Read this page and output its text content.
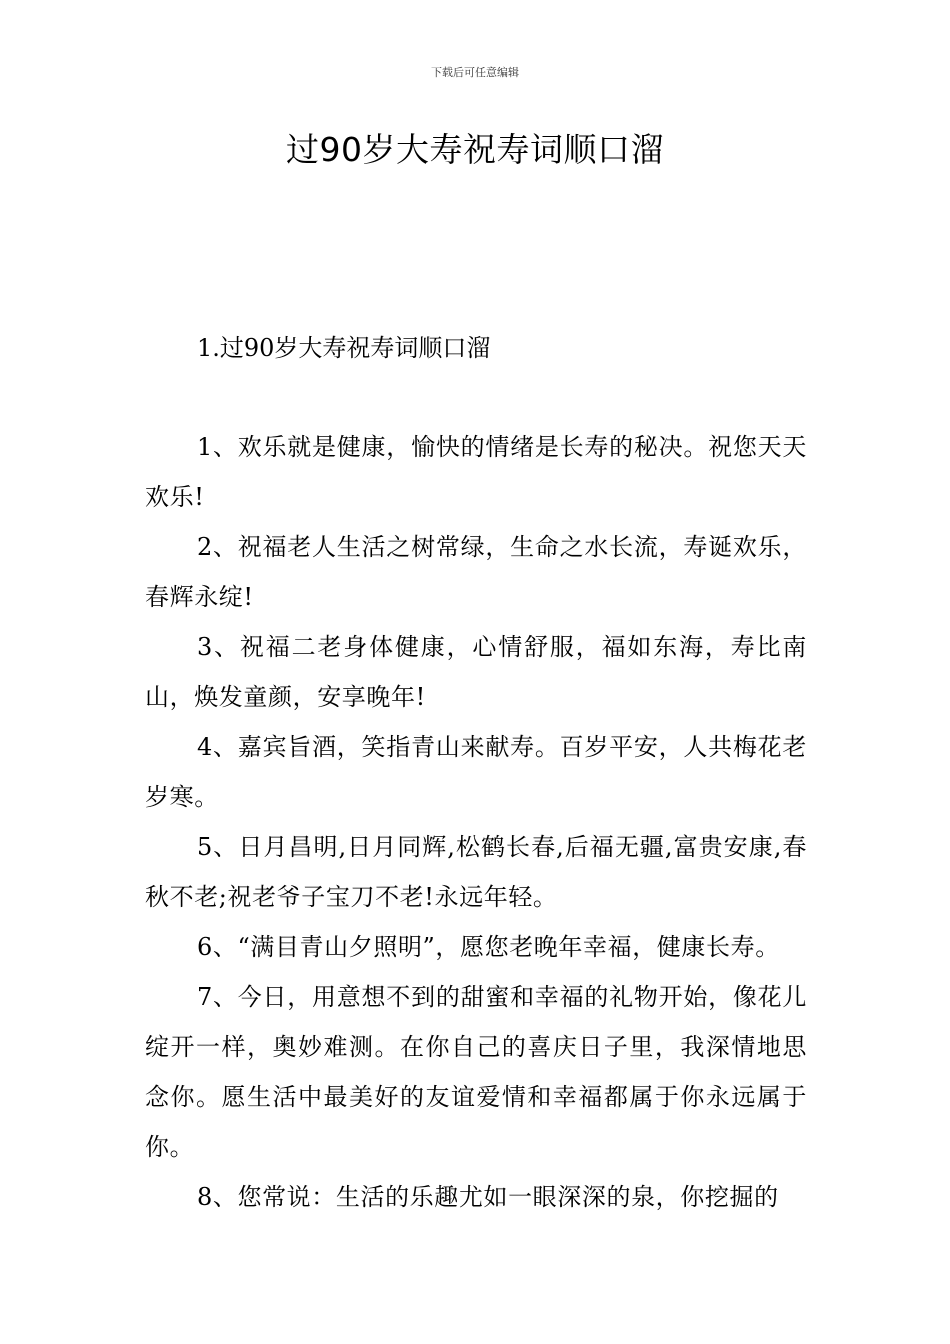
下载后可任意编辑
过90岁大寿祝寿词顺口溜

1.过90岁大寿祝寿词顺口溜

1、欢乐就是健康，愉快的情绪是长寿的秘决。祝您天天欢乐!
2、祝福老人生活之树常绿，生命之水长流，寿诞欢乐，春辉永绽!
3、祝福二老身体健康，心情舒服，福如东海，寿比南山，焕发童颜，安享晚年!
4、嘉宾旨酒，笑指青山来献寿。百岁平安，人共梅花老岁寒。
5、日月昌明,日月同辉,松鹤长春,后福无疆,富贵安康,春秋不老;祝老爷子宝刀不老!永远年轻。
6、“满目青山夕照明”，愿您老晚年幸福，健康长寿。
7、今日，用意想不到的甜蜜和幸福的礼物开始，像花儿绽开一样，奥妙难测。在你自己的喜庆日子里，我深情地思念你。愿生活中最美好的友谊爱情和幸福都属于你永远属于你。
8、您常说：生活的乐趣尤如一眼深深的泉，你挖掘的
